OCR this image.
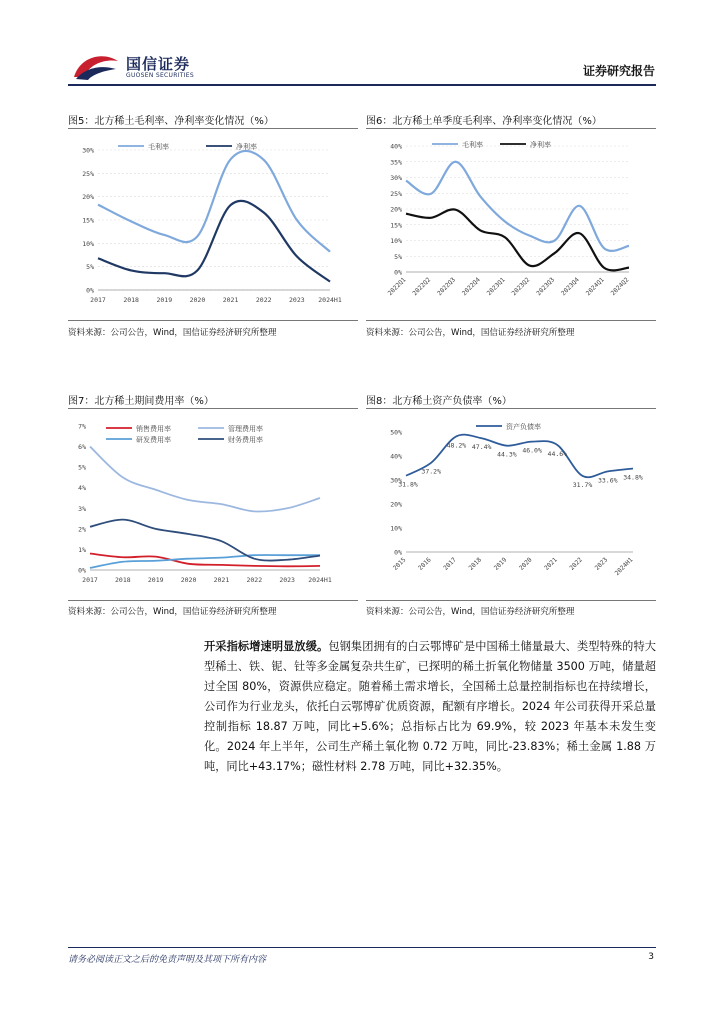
国信证券
GUOSEN SECURITIES	证券研究报告
图5：北方稀土毛利率、净利率变化情况（%）
0%
5%
10%
15%
20%
25%
30%
2017	2018	2019	2020	2021	2022	2023 2024H1
毛利率	净利率
资料来源：公司公告，Wind，国信证券经济研究所整理
图6：北方稀土单季度毛利率、净利率变化情况（%）
0%
5%
10%
15%
20%
25%
30%
35%
40%
2022Q1 2022Q2 2022Q3 2022Q4 2023Q1 2023Q2 2023Q3 2023Q4 2024Q1 2024Q2
毛利率	净利率
资料来源：公司公告，Wind，国信证券经济研究所整理
图7：北方稀土期间费用率（%）
0%
1%
2%
3%
4%
5%
6%
7%
2017	2018	2019	2020	2021	2022	2023 2024H1
销售费用率	管理费用率
研发费用率	财务费用率
资料来源：公司公告，Wind，国信证券经济研究所整理
图8：北方稀土资产负债率（%）
0%
10%
20%
30%
40%
50%
2015 2016 2017 2018 2019 2020 2021 2022 2023 2024H1
资产负债率
31.8%
37.2%
48.2% 47.4%
44.3%
46.0% 44.6%
31.7%
33.6% 34.8%
资料来源：公司公告，Wind，国信证券经济研究所整理
开采指标增速明显放缓。包钢集团拥有的白云鄂博矿是中国稀土储量最大、类型特殊的特大型稀土、铁、铌、钍等多金属复杂共生矿，已探明的稀土折氧化物储量 3500 万吨，储量超过全国 80%，资源供应稳定。随着稀土需求增长，全国稀土总量控制指标也在持续增长，公司作为行业龙头，依托白云鄂博矿优质资源，配额有序增长。2024 年公司获得开采总量控制指标 18.87 万吨，同比+5.6%；总指标占比为 69.9%，较 2023 年基本未发生变化。2024 年上半年，公司生产稀土氧化物 0.72 万吨，同比-23.83%；稀土金属 1.88 万吨，同比+43.17%；磁性材料 2.78 万吨，同比+32.35%。
请务必阅读正文之后的免责声明及其项下所有内容	3
